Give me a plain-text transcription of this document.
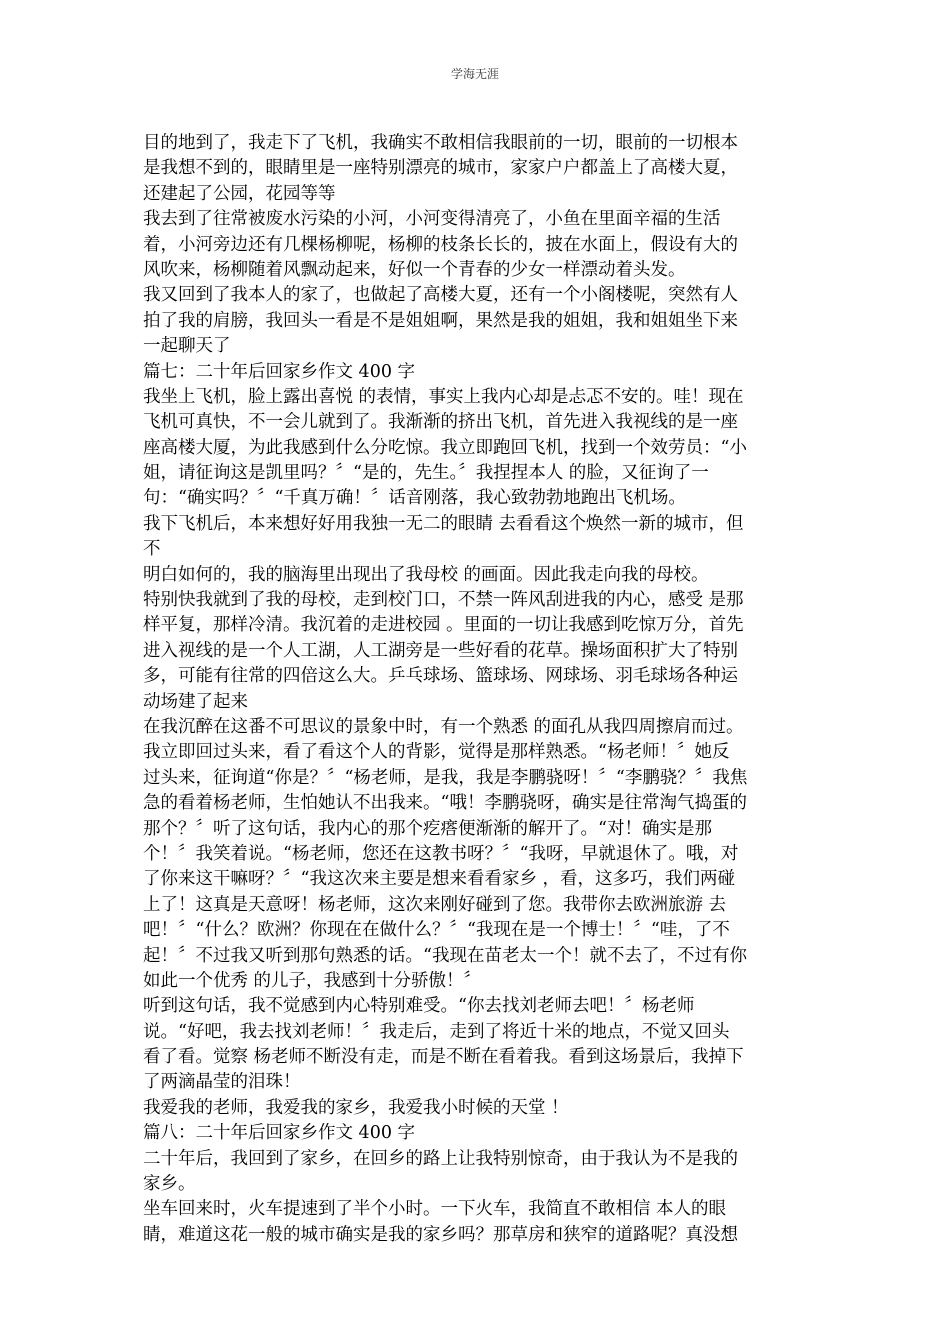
学海无涯
目的地到了，我走下了飞机，我确实不敢相信我眼前的一切，眼前的一切根本
是我想不到的，眼睛里是一座特别漂亮的城市，家家户户都盖上了高楼大夏，
还建起了公园，花园等等
我去到了往常被废水污染的小河，小河变得清亮了，小鱼在里面辛福的生活
着，小河旁边还有几棵杨柳呢，杨柳的枝条长长的，披在水面上，假设有大的
风吹来，杨柳随着风飘动起来，好似一个青春的少女一样漂动着头发。
我又回到了我本人的家了，也做起了高楼大夏，还有一个小阁楼呢，突然有人
拍了我的肩膀，我回头一看是不是姐姐啊，果然是我的姐姐，我和姐姐坐下来
一起聊天了
篇七：二十年后回家乡作文 400 字
我坐上飞机，脸上露出喜悦 的表情，事实上我内心却是忐忑不安的。哇！现在
飞机可真快，不一会儿就到了。我渐渐的挤出飞机，首先进入我视线的是一座
座高楼大厦，为此我感到什么分吃惊。我立即跑回飞机，找到一个效劳员：“小
姐，请征询这是凯里吗？〞“是的，先生。〞我捏捏本人 的脸，又征询了一
句：“确实吗？〞“千真万确！〞话音刚落，我心致勃勃地跑出飞机场。
我下飞机后，本来想好好用我独一无二的眼睛 去看看这个焕然一新的城市，但
不
明白如何的，我的脑海里出现出了我母校 的画面。因此我走向我的母校。
特别快我就到了我的母校，走到校门口，不禁一阵风刮进我的内心，感受 是那
样平复，那样冷清。我沉着的走进校园 。里面的一切让我感到吃惊万分，首先
进入视线的是一个人工湖，人工湖旁是一些好看的花草。操场面积扩大了特别
多，可能有往常的四倍这么大。乒乓球场、篮球场、网球场、羽毛球场各种运
动场建了起来
在我沉醉在这番不可思议的景象中时，有一个熟悉 的面孔从我四周擦肩而过。
我立即回过头来，看了看这个人的背影，觉得是那样熟悉。“杨老师！〞她反
过头来，征询道“你是？〞“杨老师，是我，我是李鹏骁呀！〞“李鹏骁？〞我焦
急的看着杨老师，生怕她认不出我来。“哦！李鹏骁呀，确实是往常淘气捣蛋的
那个？〞听了这句话，我内心的那个疙瘩便渐渐的解开了。“对！确实是那
个！〞我笑着说。“杨老师，您还在这教书呀？〞“我呀，早就退休了。哦，对
了你来这干嘛呀？〞“我这次来主要是想来看看家乡 ，看，这多巧，我们两碰
上了！这真是天意呀！杨老师，这次来刚好碰到了您。我带你去欧洲旅游 去
吧！〞“什么？欧洲？你现在在做什么？〞“我现在是一个博士！〞“哇，了不
起！〞不过我又听到那句熟悉的话。“我现在苗老太一个！就不去了，不过有你
如此一个优秀 的儿子，我感到十分骄傲！〞
听到这句话，我不觉感到内心特别难受。“你去找刘老师去吧！〞杨老师
说。“好吧，我去找刘老师！〞我走后，走到了将近十米的地点，不觉又回头
看了看。觉察 杨老师不断没有走，而是不断在看着我。看到这场景后，我掉下
了两滴晶莹的泪珠！
我爱我的老师，我爱我的家乡，我爱我小时候的天堂 ！
篇八：二十年后回家乡作文 400 字
二十年后，我回到了家乡，在回乡的路上让我特别惊奇，由于我认为不是我的
家乡。
坐车回来时，火车提速到了半个小时。一下火车，我简直不敢相信 本人的眼
睛，难道这花一般的城市确实是我的家乡吗？那草房和狭窄的道路呢？真没想
